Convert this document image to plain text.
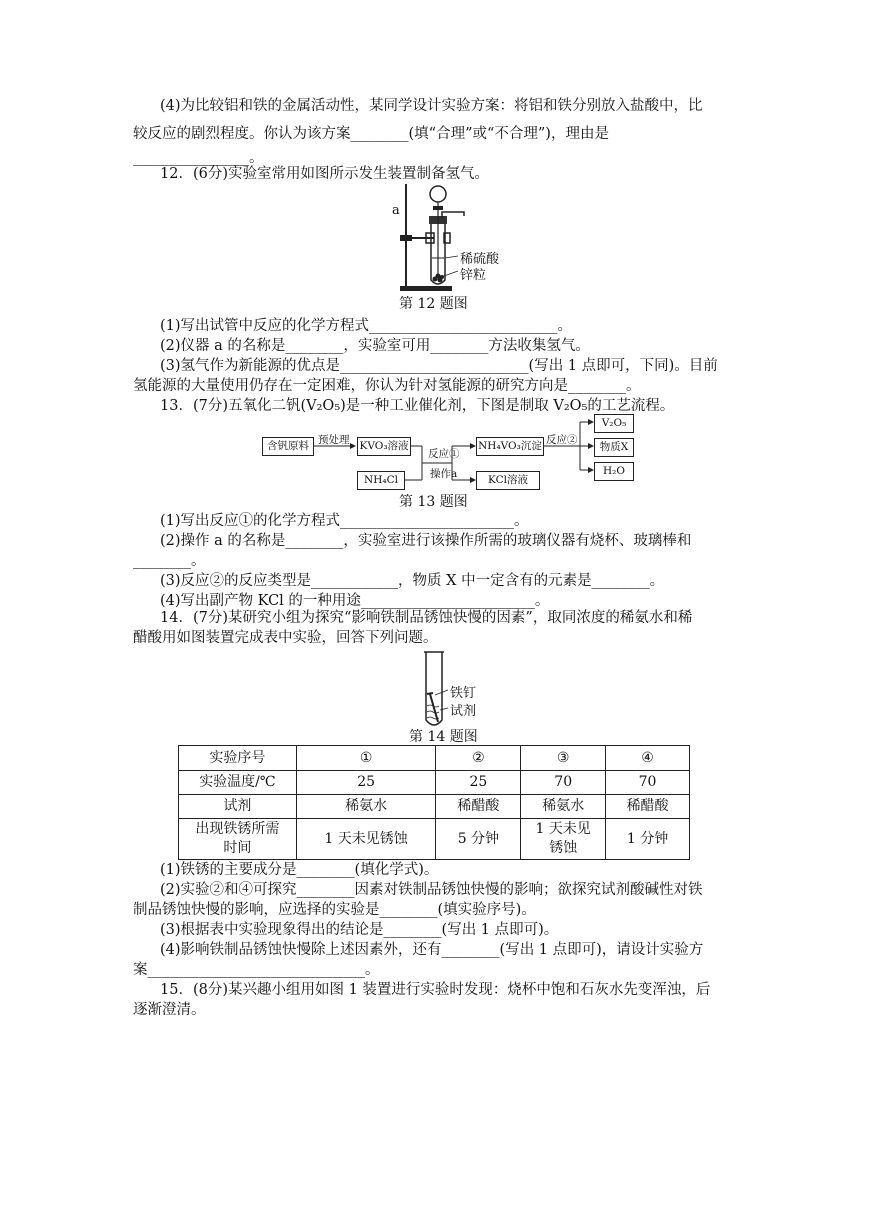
(4)为比较铝和铁的金属活动性，某同学设计实验方案：将铝和铁分别放入盐酸中，比
较反应的剧烈程度。你认为该方案________(填“合理”或“不合理”)，理由是
________________。
12．(6分)实验室常用如图所示发生装置制备氢气。
a
稀硫酸
锌粒
第 12 题图
(1)写出试管中反应的化学方程式__________________________。
(2)仪器 a 的名称是________，实验室可用________方法收集氢气。
(3)氢气作为新能源的优点是__________________________(写出 1 点即可，下同)。目前
氢能源的大量使用仍存在一定困难，你认为针对氢能源的研究方向是________。
13．(7分)五氧化二钒(V₂O₅)是一种工业催化剂，下图是制取 V₂O₅的工艺流程。
含钒原料 预处理 KVO₃溶液
NH₄Cl
反应①
操作a
NH₄VO₃沉淀
KCl溶液
反应②
V₂O₅
物质X
H₂O
第 13 题图
(1)写出反应①的化学方程式________________________。
(2)操作 a 的名称是________，实验室进行该操作所需的玻璃仪器有烧杯、玻璃棒和
________。
(3)反应②的反应类型是____________，物质 X 中一定含有的元素是________。
(4)写出副产物 KCl 的一种用途________________________。
14．(7分)某研究小组为探究“影响铁制品锈蚀快慢的因素”，取同浓度的稀氨水和稀
醋酸用如图装置完成表中实验，回答下列问题。
铁钉
试剂
第 14 题图
实验序号	①	②	③	④
实验温度/℃	25	25	70	70
试剂	稀氨水	稀醋酸	稀氨水	稀醋酸
出现铁锈所需时间	1 天未见锈蚀	5 分钟	1 天未见锈蚀	1 分钟
(1)铁锈的主要成分是________(填化学式)。
(2)实验②和④可探究________因素对铁制品锈蚀快慢的影响；欲探究试剂酸碱性对铁
制品锈蚀快慢的影响，应选择的实验是________(填实验序号)。
(3)根据表中实验现象得出的结论是________(写出 1 点即可)。
(4)影响铁制品锈蚀快慢除上述因素外，还有________(写出 1 点即可)，请设计实验方
案______________________________。
15．(8分)某兴趣小组用如图 1 装置进行实验时发现：烧杯中饱和石灰水先变浑浊，后
逐渐澄清。
